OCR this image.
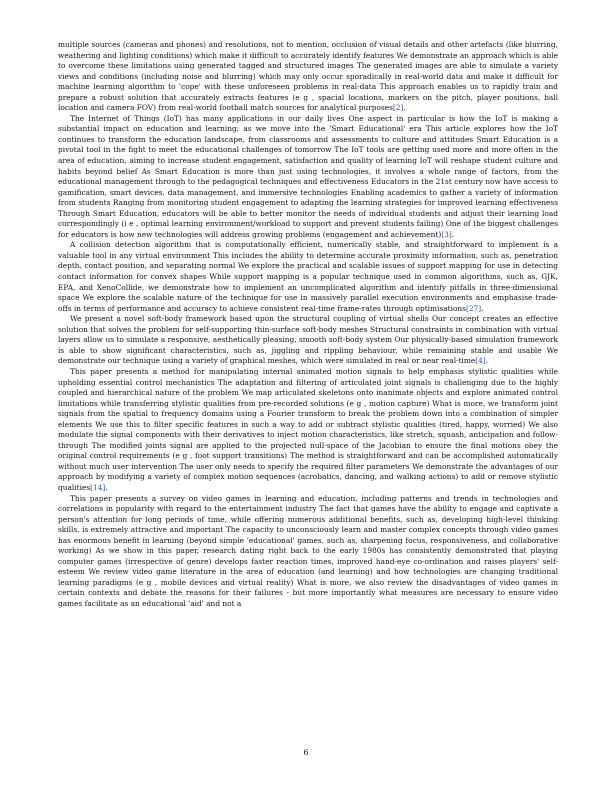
multiple sources (cameras and phones) and resolutions, not to mention, occlusion of visual details and other artefacts (like blurring, weathering and lighting conditions) which make it difficult to accurately identify features We demonstrate an approach which is able to overcome these limitations using generated tagged and structured images The generated images are able to simulate a variety views and conditions (including noise and blurring) which may only occur sporadically in real-world data and make it difficult for machine learning algorithm to 'cope' with these unforeseen problems in real-data This approach enables us to rapidly train and prepare a robust solution that accurately extracts features (e g , spacial locations, markers on the pitch, player positions, ball location and camera FOV) from real-world football match sources for analytical purposes[2].

The Internet of Things (IoT) has many applications in our daily lives One aspect in particular is how the IoT is making a substantial impact on education and learning; as we move into the 'Smart Educational' era This article explores how the IoT continues to transform the education landscape, from classrooms and assessments to culture and attitudes Smart Education is a pivotal tool in the fight to meet the educational challenges of tomorrow The IoT tools are getting used more and more often in the area of education, aiming to increase student engagement, satisfaction and quality of learning IoT will reshape student culture and habits beyond belief As Smart Education is more than just using technologies, it involves a whole range of factors, from the educational management through to the pedagogical techniques and effectiveness Educators in the 21st century now have access to gamification, smart devices, data management, and immersive technologies Enabling academics to gather a variety of information from students Ranging from monitoring student engagement to adapting the learning strategies for improved learning effectiveness Through Smart Education, educators will be able to better monitor the needs of individual students and adjust their learning load correspondingly (i e , optimal learning environment/workload to support and prevent students failing) One of the biggest challenges for educators is how new technologies will address growing problems (engagement and achievement)[3].

A collision detection algorithm that is computationally efficient, numerically stable, and straightforward to implement is a valuable tool in any virtual environment This includes the ability to determine accurate proximity information, such as, penetration depth, contact position, and separating normal We explore the practical and scalable issues of support mapping for use in detecting contact information for convex shapes While support mapping is a popular technique used in common algorithms, such as, GJK, EPA, and XenoCollide, we demonstrate how to implement an uncomplicated algorithm and identify pitfalls in three-dimensional space We explore the scalable nature of the technique for use in massively parallel execution environments and emphasise trade-offs in terms of performance and accuracy to achieve consistent real-time frame-rates through optimisations[27].

We present a novel soft-body framework based upon the structural coupling of virtual shells Our concept creates an effective solution that solves the problem for self-supporting thin-surface soft-body meshes Structural constraints in combination with virtual layers allow us to simulate a responsive, aesthetically pleasing, smooth soft-body system Our physically-based simulation framework is able to show significant characteristics, such as, jiggling and rippling behaviour, while remaining stable and usable We demonstrate our technique using a variety of graphical meshes, which were simulated in real or near real-time[4].

This paper presents a method for manipulating internal animated motion signals to help emphasis stylistic qualities while upholding essential control mechanistics The adaptation and filtering of articulated joint signals is challenging due to the highly coupled and hierarchical nature of the problem We map articulated skeletons onto inanimate objects and explore animated control limitations while transferring stylistic qualities from pre-recorded solutions (e g , motion capture) What is more, we transform joint signals from the spatial to frequency domains using a Fourier transform to break the problem down into a combination of simpler elements We use this to filter specific features in such a way to add or subtract stylistic qualities (tired, happy, worried) We also modulate the signal components with their derivatives to inject motion characteristics, like stretch, squash, anticipation and follow-through The modified joints signal are applied to the projected null-space of the Jacobian to ensure the final motions obey the original control requirements (e g , foot support transitions) The method is straightforward and can be accomplished automatically without much user intervention The user only needs to specify the required filter parameters We demonstrate the advantages of our approach by modifying a variety of complex motion sequences (acrobatics, dancing, and walking actions) to add or remove stylistic qualities[14].

This paper presents a survey on video games in learning and education, including patterns and trends in technologies and correlations in popularity with regard to the entertainment industry The fact that games have the ability to engage and captivate a person's attention for long periods of time, while offering numerous additional benefits, such as, developing high-level thinking skills, is extremely attractive and important The capacity to unconsciously learn and master complex concepts through video games has enormous benefit in learning (beyond simple 'educational' games, such as, sharpening focus, responsiveness, and collaborative working) As we show in this paper, research dating right back to the early 1980s has consistently demonstrated that playing computer games (irrespective of genre) develops faster reaction times, improved hand-eye co-ordination and raises players' self-esteem We review video game literature in the area of education (and learning) and how technologies are changing traditional learning paradigms (e g , mobile devices and virtual reality) What is more, we also review the disadvantages of video games in certain contexts and debate the reasons for their failures - but more importantly what measures are necessary to ensure video games facilitate as an educational 'aid' and not a

6
